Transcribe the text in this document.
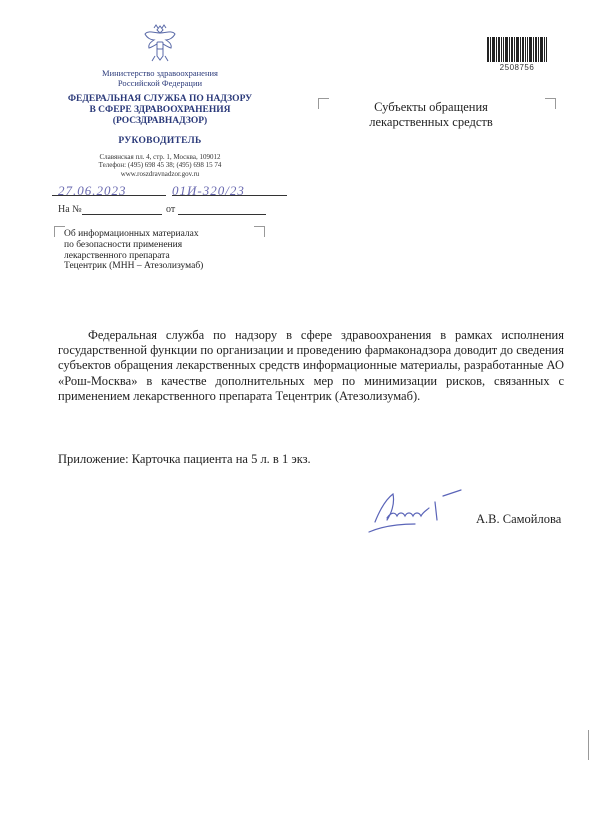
Министерство здравоохранения
Российской Федерации
ФЕДЕРАЛЬНАЯ СЛУЖБА ПО НАДЗОРУ
В СФЕРЕ ЗДРАВООХРАНЕНИЯ
(РОСЗДРАВНАДЗОР)
РУКОВОДИТЕЛЬ
Славянская пл. 4, стр. 1, Москва, 109012
Телефон: (495) 698 45 38; (495) 698 15 74
www.roszdravnadzor.gov.ru
27.06.2023	01И-320/23
На №	от
Об информационных материалах
по безопасности применения
лекарственного препарата
Тецентрик (МНН – Атезолизумаб)
Субъекты обращения
лекарственных средств
2508756

Федеральная служба по надзору в сфере здравоохранения в рамках исполнения государственной функции по организации и проведению фармаконадзора доводит до сведения субъектов обращения лекарственных средств информационные материалы, разработанные АО «Рош-Москва» в качестве дополнительных мер по минимизации рисков, связанных с применением лекарственного препарата Тецентрик (Атезолизумаб).

Приложение: Карточка пациента на 5 л. в 1 экз.
А.В. Самойлова
